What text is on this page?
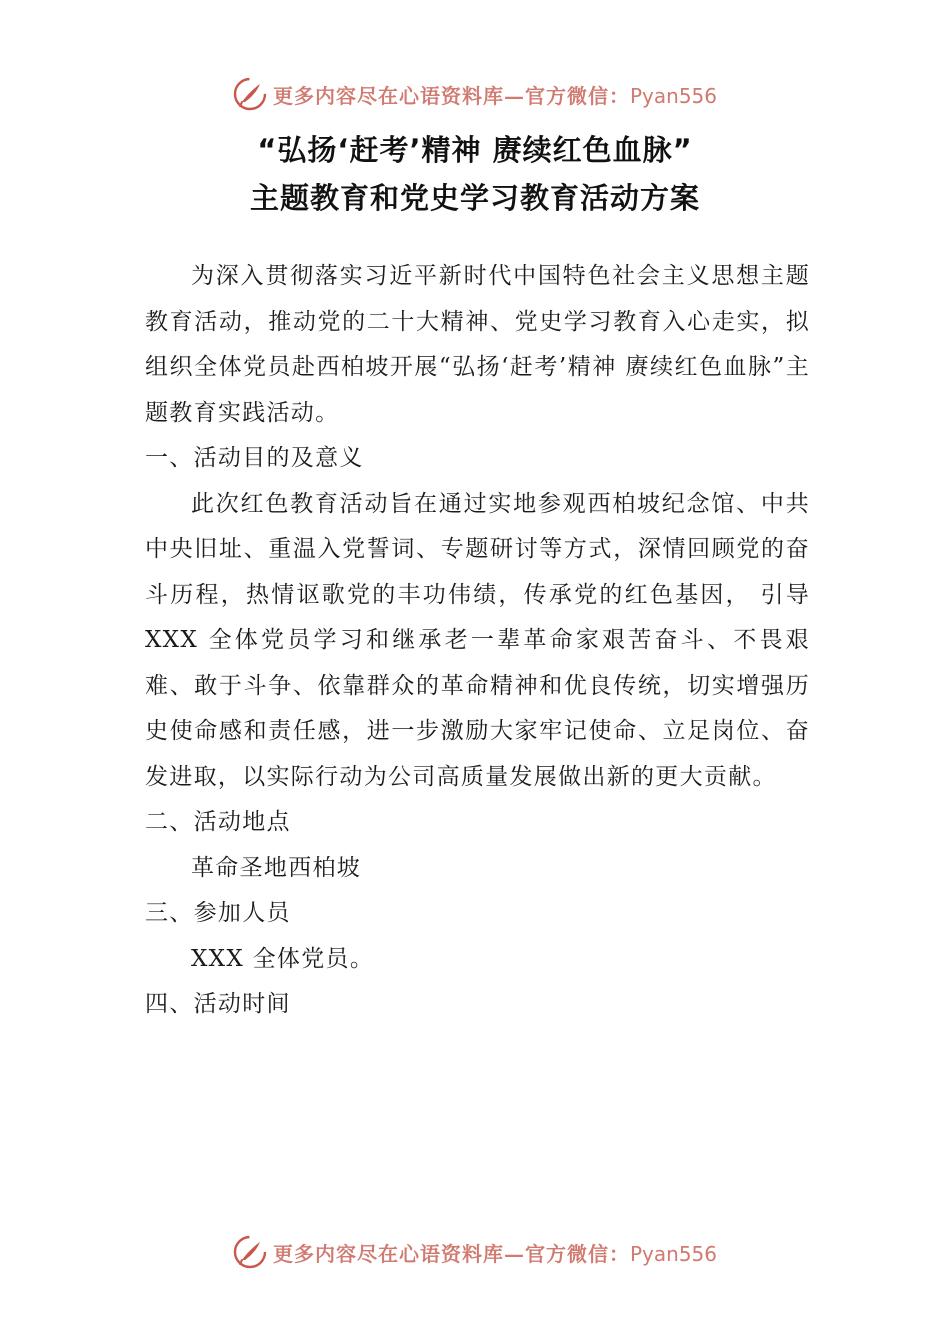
更多内容尽在心语资料库—官方微信：Pyan556
“弘扬‘赶考’精神 赓续红色血脉”
主题教育和党史学习教育活动方案

为深入贯彻落实习近平新时代中国特色社会主义思想主题教育活动，推动党的二十大精神、党史学习教育入心走实，拟组织全体党员赴西柏坡开展“弘扬‘赶考’精神 赓续红色血脉”主题教育实践活动。

一、活动目的及意义

此次红色教育活动旨在通过实地参观西柏坡纪念馆、中共中央旧址、重温入党誓词、专题研讨等方式，深情回顾党的奋斗历程，热情讴歌党的丰功伟绩，传承党的红色基因， 引导 XXX 全体党员学习和继承老一辈革命家艰苦奋斗、不畏艰难、敢于斗争、依靠群众的革命精神和优良传统，切实增强历史使命感和责任感，进一步激励大家牢记使命、立足岗位、奋发进取，以实际行动为公司高质量发展做出新的更大贡献。

二、活动地点

革命圣地西柏坡

三、参加人员

XXX 全体党员。

四、活动时间

更多内容尽在心语资料库—官方微信：Pyan556
